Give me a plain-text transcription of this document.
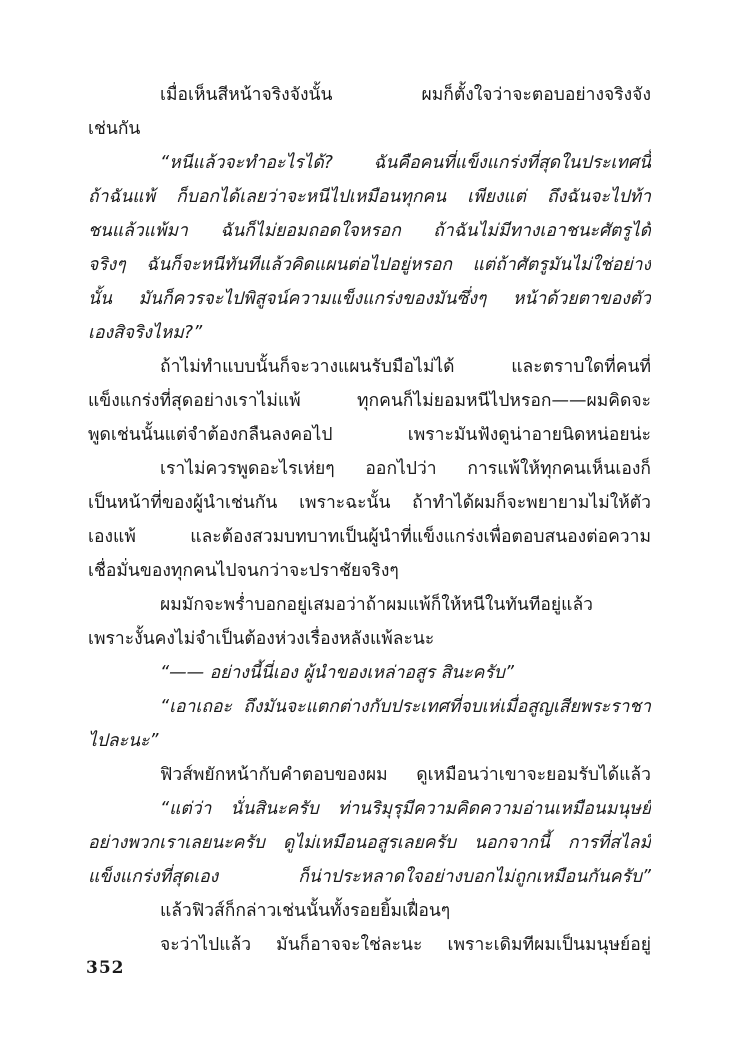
เมื่อเห็นสีหน้าจริงจังนั้น ผมก็ตั้งใจว่าจะตอบอย่างจริงจัง
เช่นกัน
“หนีแล้วจะทำอะไรได้? ฉันคือคนที่แข็งแกร่งที่สุดในประเทศนี้
ถ้าฉันแพ้ ก็บอกได้เลยว่าจะหนีไปเหมือนทุกคน เพียงแต่ ถึงฉันจะไปท้า
ชนแล้วแพ้มา ฉันก็ไม่ยอมถอดใจหรอก ถ้าฉันไม่มีทางเอาชนะศัตรูได้
จริงๆ ฉันก็จะหนีทันทีแล้วคิดแผนต่อไปอยู่หรอก แต่ถ้าศัตรูมันไม่ใช่อย่าง
นั้น มันก็ควรจะไปพิสูจน์ความแข็งแกร่งของมันซึ่งๆ หน้าด้วยตาของตัว
เองสิจริงไหม?”
ถ้าไม่ทำแบบนั้นก็จะวางแผนรับมือไม่ได้ และตราบใดที่คนที่
แข็งแกร่งที่สุดอย่างเราไม่แพ้ ทุกคนก็ไม่ยอมหนีไปหรอก——ผมคิดจะ
พูดเช่นนั้นแต่จำต้องกลืนลงคอไป เพราะมันฟังดูน่าอายนิดหน่อยน่ะ
เราไม่ควรพูดอะไรเห่ยๆ ออกไปว่า การแพ้ให้ทุกคนเห็นเองก็
เป็นหน้าที่ของผู้นำเช่นกัน เพราะฉะนั้น ถ้าทำได้ผมก็จะพยายามไม่ให้ตัว
เองแพ้ และต้องสวมบทบาทเป็นผู้นำที่แข็งแกร่งเพื่อตอบสนองต่อความ
เชื่อมั่นของทุกคนไปจนกว่าจะปราชัยจริงๆ
ผมมักจะพร่ำบอกอยู่เสมอว่าถ้าผมแพ้ก็ให้หนีในทันทีอยู่แล้ว
เพราะงั้นคงไม่จำเป็นต้องห่วงเรื่องหลังแพ้ละนะ
“—— อย่างนี้นี่เอง ผู้นำของเหล่าอสูร สินะครับ”
“เอาเถอะ ถึงมันจะแตกต่างกับประเทศที่จบเห่เมื่อสูญเสียพระราชา
ไปละนะ”
ฟิวส์พยักหน้ากับคำตอบของผม ดูเหมือนว่าเขาจะยอมรับได้แล้ว
“แต่ว่า นั่นสินะครับ ท่านริมุรุมีความคิดความอ่านเหมือนมนุษย์
อย่างพวกเราเลยนะครับ ดูไม่เหมือนอสูรเลยครับ นอกจากนี้ การที่สไลม์
แข็งแกร่งที่สุดเอง ก็น่าประหลาดใจอย่างบอกไม่ถูกเหมือนกันครับ”
แล้วฟิวส์ก็กล่าวเช่นนั้นทั้งรอยยิ้มเฝื่อนๆ
จะว่าไปแล้ว มันก็อาจจะใช่ละนะ เพราะเดิมทีผมเป็นมนุษย์อยู่
352
